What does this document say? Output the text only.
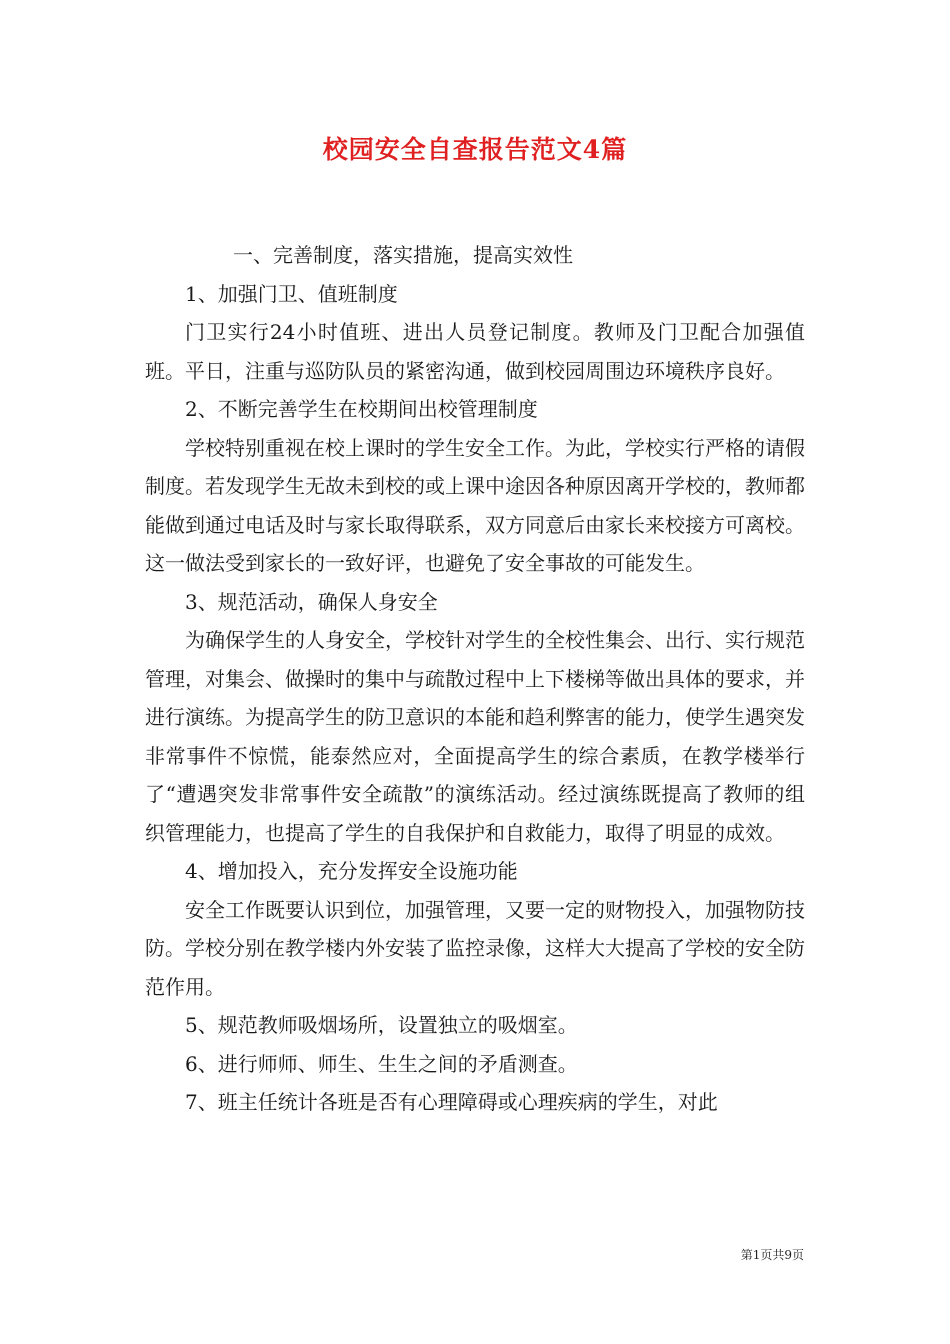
校园安全自查报告范文4篇

一、完善制度，落实措施，提高实效性

1、加强门卫、值班制度

门卫实行24小时值班、进出人员登记制度。教师及门卫配合加强值班。平日，注重与巡防队员的紧密沟通，做到校园周围边环境秩序良好。

2、不断完善学生在校期间出校管理制度

学校特别重视在校上课时的学生安全工作。为此，学校实行严格的请假制度。若发现学生无故未到校的或上课中途因各种原因离开学校的，教师都能做到通过电话及时与家长取得联系，双方同意后由家长来校接方可离校。这一做法受到家长的一致好评，也避免了安全事故的可能发生。

3、规范活动，确保人身安全

为确保学生的人身安全，学校针对学生的全校性集会、出行、实行规范管理，对集会、做操时的集中与疏散过程中上下楼梯等做出具体的要求，并进行演练。为提高学生的防卫意识的本能和趋利弊害的能力，使学生遇突发非常事件不惊慌，能泰然应对，全面提高学生的综合素质，在教学楼举行了“遭遇突发非常事件安全疏散”的演练活动。经过演练既提高了教师的组织管理能力，也提高了学生的自我保护和自救能力，取得了明显的成效。

4、增加投入，充分发挥安全设施功能

安全工作既要认识到位，加强管理，又要一定的财物投入，加强物防技防。学校分别在教学楼内外安装了监控录像，这样大大提高了学校的安全防范作用。

5、规范教师吸烟场所，设置独立的吸烟室。

6、进行师师、师生、生生之间的矛盾测查。

7、班主任统计各班是否有心理障碍或心理疾病的学生，对此

第1页共9页
